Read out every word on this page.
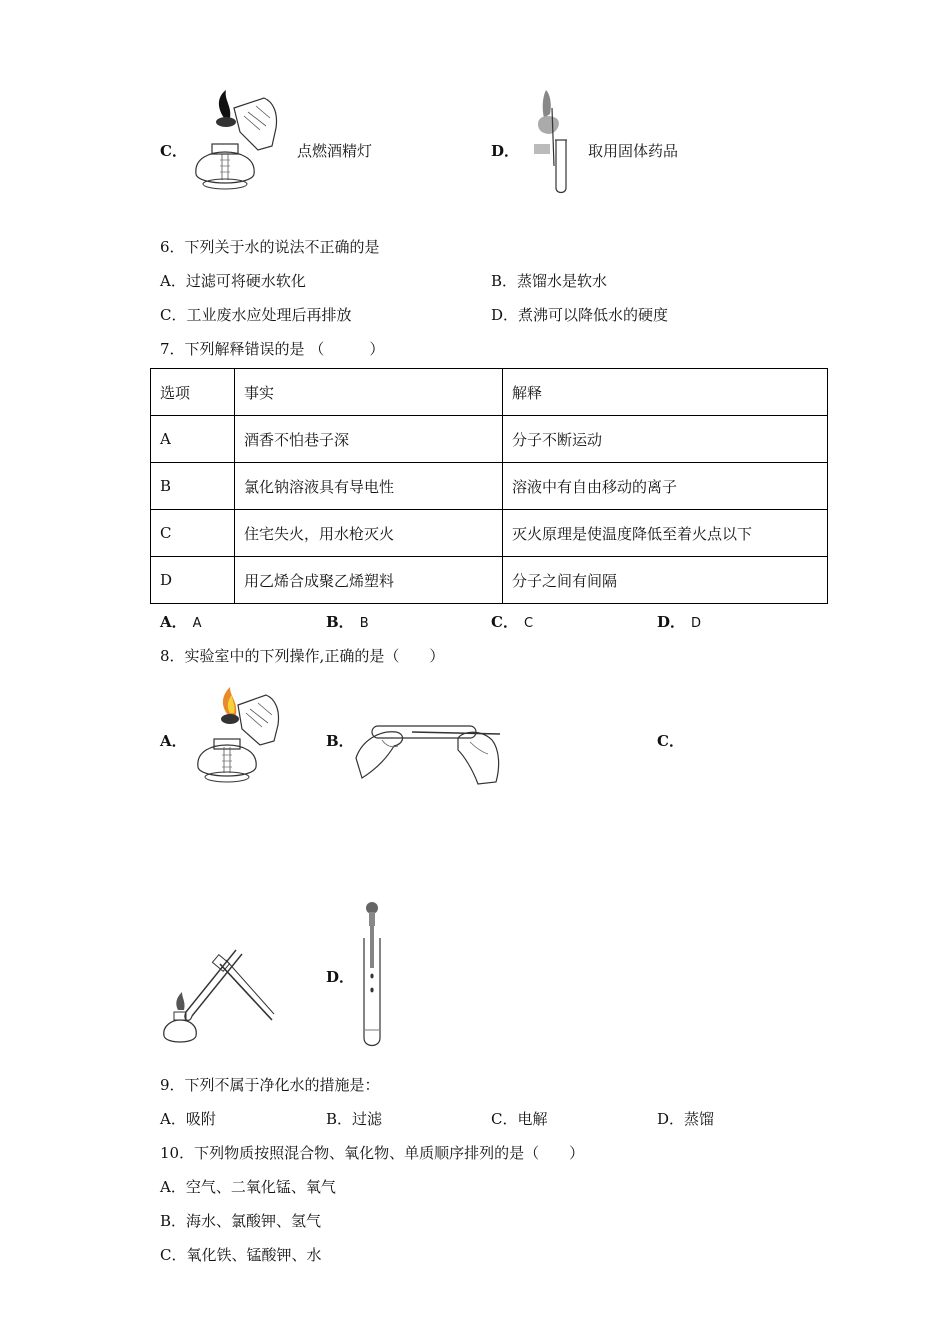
C．	点燃酒精灯	D．	取用固体药品
6．下列关于水的说法不正确的是
A．过滤可将硬水软化	B．蒸馏水是软水
C．工业废水应处理后再排放	D．煮沸可以降低水的硬度
7．下列解释错误的是 （　　　）
选项	事实	解释
A	酒香不怕巷子深	分子不断运动
B	氯化钠溶液具有导电性	溶液中有自由移动的离子
C	住宅失火，用水枪灭火	灭火原理是使温度降低至着火点以下
D	用乙烯合成聚乙烯塑料	分子之间有间隔
A． A	B． B	C． C	D． D
8．实验室中的下列操作,正确的是（　　）
A．	B．	C．
D．
9．下列不属于净化水的措施是：
A．吸附	B．过滤	C．电解	D．蒸馏
10．下列物质按照混合物、氧化物、单质顺序排列的是（　　）
A．空气、二氧化锰、氧气
B．海水、氯酸钾、氢气
C．氧化铁、锰酸钾、水
